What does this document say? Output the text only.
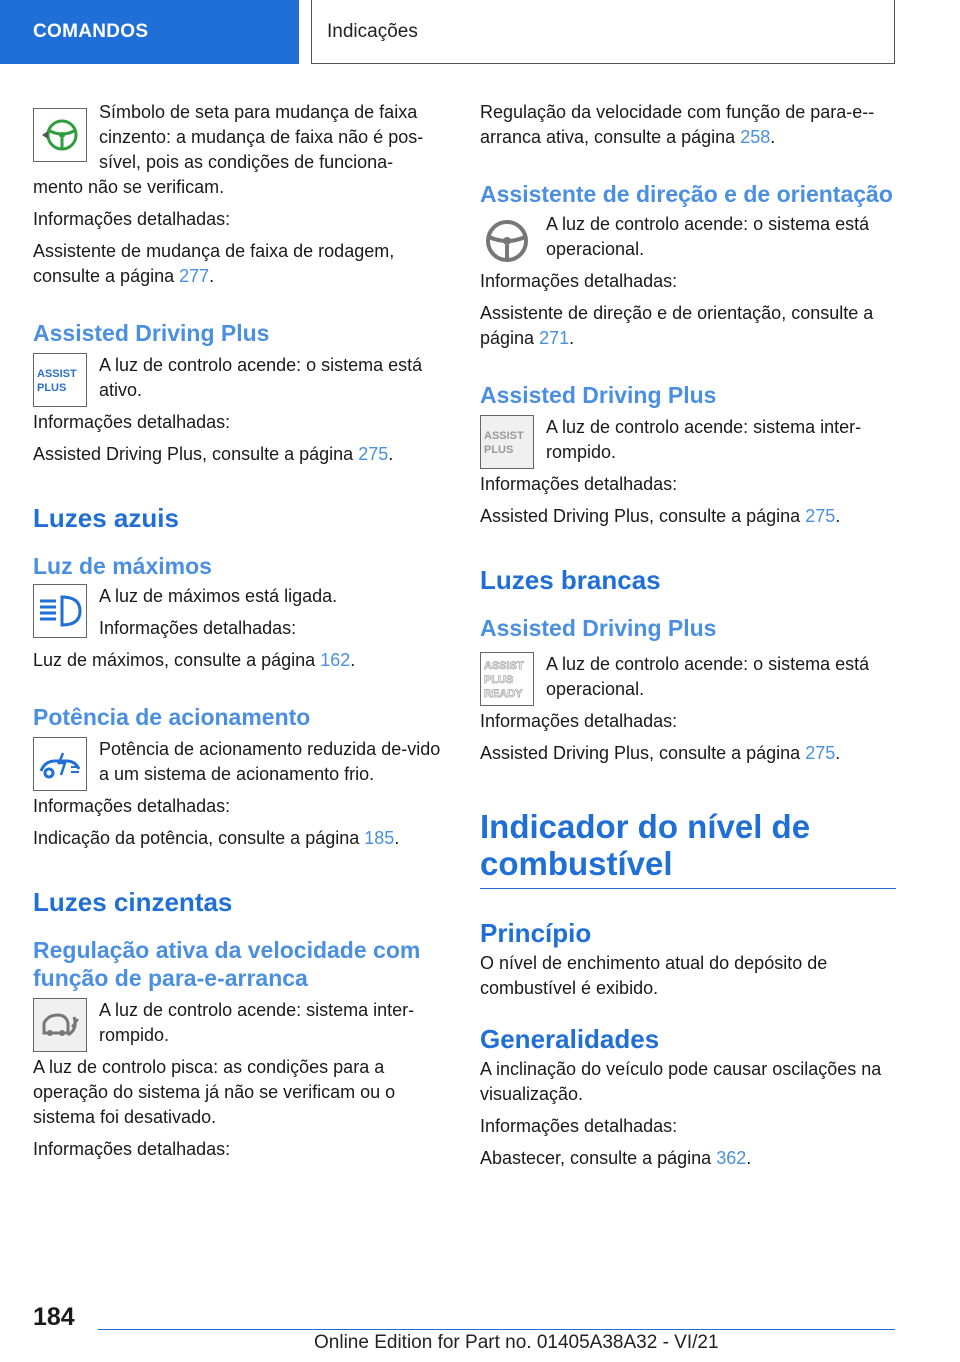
COMANDOS	Indicações

Símbolo de seta para mudança de faixa cinzento: a mudança de faixa não é pos-sível, pois as condições de funciona-mento não se verificam.

Informações detalhadas:

Assistente de mudança de faixa de rodagem, consulte a página 277.

Assisted Driving Plus

ASSIST
PLUS

A luz de controlo acende: o sistema está ativo.

Informações detalhadas:

Assisted Driving Plus, consulte a página 275.

Luzes azuis

Luz de máximos

A luz de máximos está ligada.

Informações detalhadas:

Luz de máximos, consulte a página 162.

Potência de acionamento

Potência de acionamento reduzida de-vido a um sistema de acionamento frio.

Informações detalhadas:

Indicação da potência, consulte a página 185.

Luzes cinzentas

Regulação ativa da velocidade com função de para-e-arranca

A luz de controlo acende: sistema inter-rompido.

A luz de controlo pisca: as condições para a operação do sistema já não se verificam ou o sistema foi desativado.

Informações detalhadas:

Regulação da velocidade com função de para-e--arranca ativa, consulte a página 258.

Assistente de direção e de orientação

A luz de controlo acende: o sistema está operacional.

Informações detalhadas:

Assistente de direção e de orientação, consulte a página 271.

Assisted Driving Plus

ASSIST
PLUS

A luz de controlo acende: sistema inter-rompido.

Informações detalhadas:

Assisted Driving Plus, consulte a página 275.

Luzes brancas

Assisted Driving Plus

ASSIST
PLUS
READY

A luz de controlo acende: o sistema está operacional.

Informações detalhadas:

Assisted Driving Plus, consulte a página 275.

Indicador do nível de combustível

Princípio

O nível de enchimento atual do depósito de combustível é exibido.

Generalidades

A inclinação do veículo pode causar oscilações na visualização.

Informações detalhadas:

Abastecer, consulte a página 362.

184
Online Edition for Part no. 01405A38A32 - VI/21
